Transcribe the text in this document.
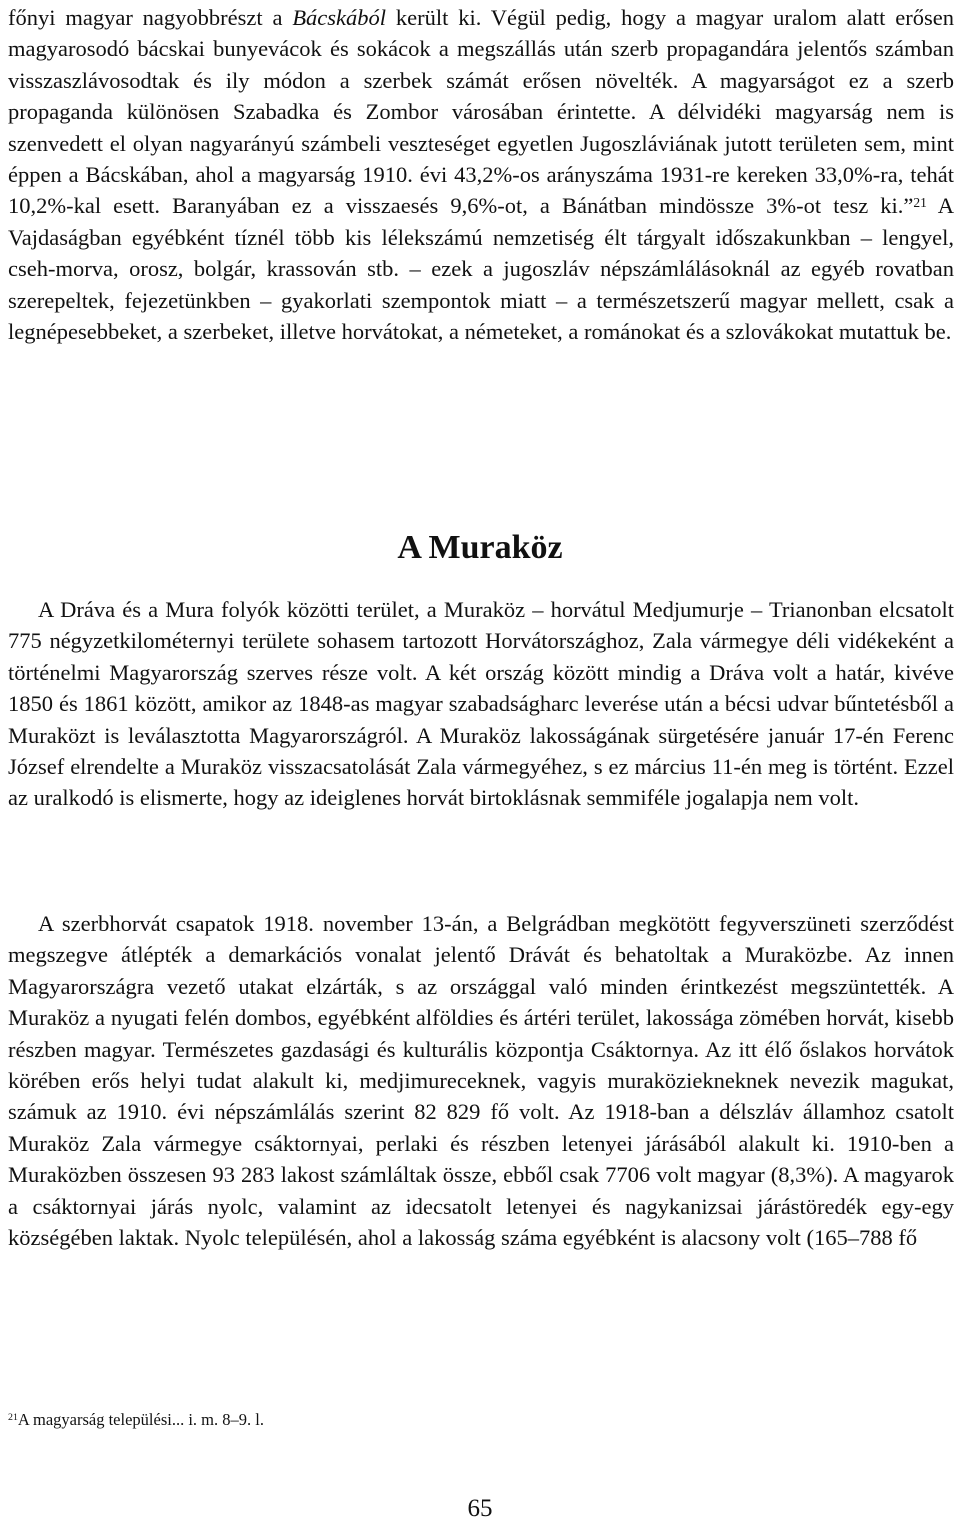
főnyi magyar nagyobbrészt a Bácskából került ki. Végül pedig, hogy a magyar uralom alatt erősen magyarosodó bácskai bunyevácok és sokácok a megszállás után szerb propagandára jelentős számban visszaszlávosodtak és ily módon a szerbek számát erősen növelték. A magyarságot ez a szerb propaganda különösen Szabadka és Zombor városában érintette. A délvidéki magyarság nem is szenvedett el olyan nagyarányú számbeli veszteséget egyetlen Jugoszláviának jutott területen sem, mint éppen a Bácskában, ahol a magyarság 1910. évi 43,2%-os arányszáma 1931-re kereken 33,0%-ra, tehát 10,2%-kal esett. Baranyában ez a visszaesés 9,6%-ot, a Bánátban mindössze 3%-ot tesz ki.”$^{21}$ A Vajdaságban egyébként tíznél több kis lélekszámú nemzetiség élt tárgyalt időszakunkban – lengyel, cseh-morva, orosz, bolgár, krassován stb. – ezek a jugoszláv népszámlálásoknál az egyéb rovatban szerepeltek, fejezetünkben – gyakorlati szempontok miatt – a természetszerű magyar mellett, csak a legnépesebbeket, a szerbeket, illetve horvátokat, a németeket, a románokat és a szlovákokat mutattuk be.

A Muraköz

A Dráva és a Mura folyók közötti terület, a Muraköz – horvátul Medjumurje – Trianonban elcsatolt 775 négyzetkilométernyi területe sohasem tartozott Horvátországhoz, Zala vármegye déli vidékeként a történelmi Magyarország szerves része volt. A két ország között mindig a Dráva volt a határ, kivéve 1850 és 1861 között, amikor az 1848-as magyar szabadságharc leverése után a bécsi udvar bűntetésből a Muraközt is leválasztotta Magyarországról. A Muraköz lakosságának sürgetésére január 17-én Ferenc József elrendelte a Muraköz visszacsatolását Zala vármegyéhez, s ez március 11-én meg is történt. Ezzel az uralkodó is elismerte, hogy az ideiglenes horvát birtoklásnak semmiféle jogalapja nem volt.

A szerbhorvát csapatok 1918. november 13-án, a Belgrádban megkötött fegyverszüneti szerződést megszegve átlépték a demarkációs vonalat jelentő Drávát és behatoltak a Muraközbe. Az innen Magyarországra vezető utakat elzárták, s az országgal való minden érintkezést megszüntették. A Muraköz a nyugati felén dombos, egyébként alföldies és ártéri terület, lakossága zömében horvát, kisebb részben magyar. Természetes gazdasági és kulturális központja Csáktornya. Az itt élő őslakos horvátok körében erős helyi tudat alakult ki, medjimureceknek, vagyis muraköziekneknek nevezik magukat, számuk az 1910. évi népszámlálás szerint 82 829 fő volt. Az 1918-ban a délszláv államhoz csatolt Muraköz Zala vármegye csáktornyai, perlaki és részben letenyei járásából alakult ki. 1910-ben a Muraközben összesen 93 283 lakost számláltak össze, ebből csak 7706 volt magyar (8,3%). A magyarok a csáktornyai járás nyolc, valamint az idecsatolt letenyei és nagykanizsai járástöredék egy-egy községében laktak. Nyolc településén, ahol a lakosság száma egyébként is alacsony volt (165–788 fő

$^{21}$A magyarság települési... i. m. 8–9. l.

65
